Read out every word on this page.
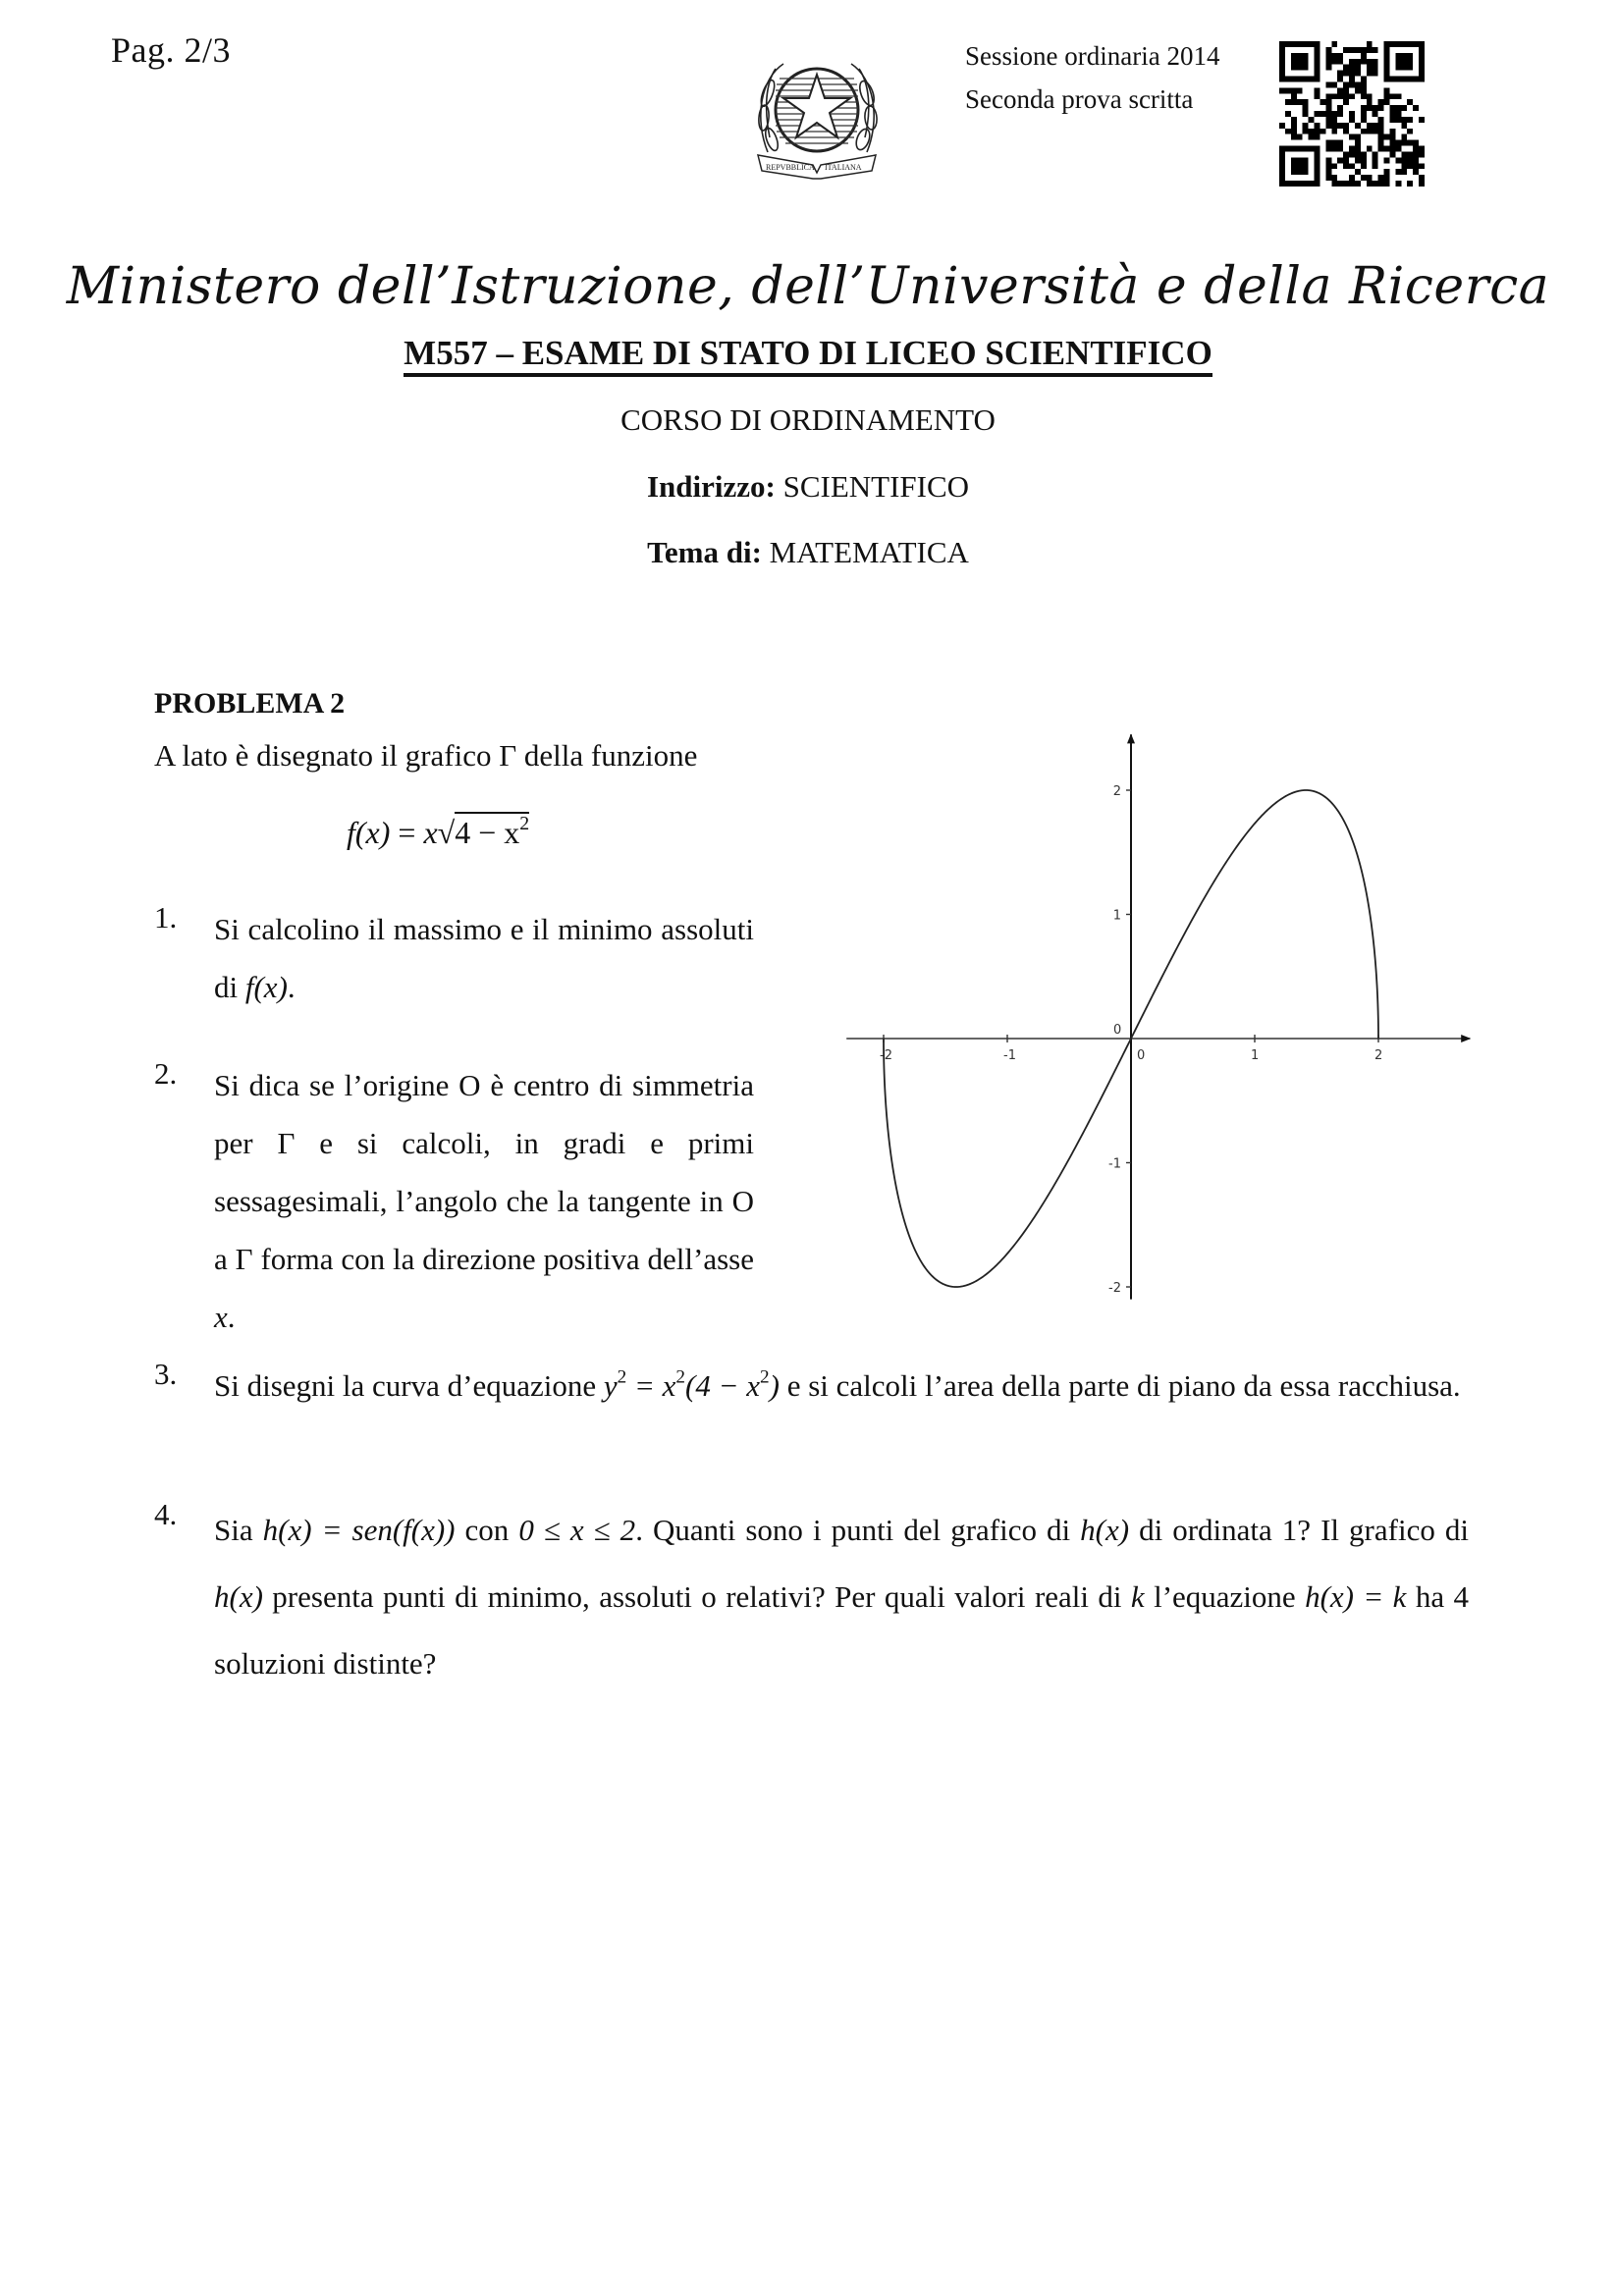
Pag. 2/3
REPVBBLICA ITALIANA
Sessione ordinaria 2014
Seconda prova scritta
Ministero dell’Istruzione, dell’Università e della Ricerca
M557 – ESAME DI STATO DI LICEO SCIENTIFICO
CORSO DI ORDINAMENTO
Indirizzo: SCIENTIFICO
Tema di: MATEMATICA
PROBLEMA 2
A lato è disegnato il grafico Γ della funzione
$f(x) = x√4 - x^2$
1. Si calcolino il massimo e il minimo assoluti di f(x).
2. Si dica se l’origine O è centro di simmetria per Γ e si calcoli, in gradi e primi sessagesimali, l’angolo che la tangente in O a Γ forma con la direzione positiva dell’asse x.
-2	-1	0	1	2
-2
-1
1
2
0
3. Si disegni la curva d’equazione $y^2 = x^2(4 - x^2)$ e si calcoli l’area della parte di piano da essa racchiusa.
4. Sia h(x) = sen(f(x)) con 0 ≤ x ≤ 2. Quanti sono i punti del grafico di h(x) di ordinata 1? Il grafico di h(x) presenta punti di minimo, assoluti o relativi? Per quali valori reali di k l’equazione h(x) = k ha 4 soluzioni distinte?
